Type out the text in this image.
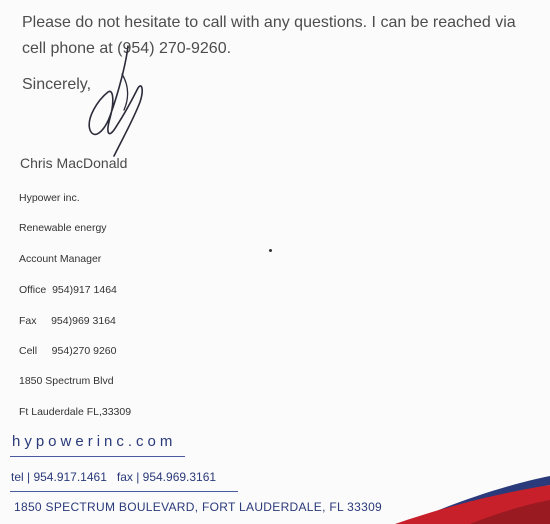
Please do not hesitate to call with any questions. I can be reached via
cell phone at (954) 270-9260.
Sincerely,
Chris MacDonald
Hypower inc.
Renewable energy
Account Manager
Office  954)917 1464
Fax     954)969 3164
Cell     954)270 9260
1850 Spectrum Blvd
Ft Lauderdale FL,33309
hypowerinc.com
tel | 954.917.1461   fax | 954.969.3161
1850 SPECTRUM BOULEVARD, FORT LAUDERDALE, FL 33309
